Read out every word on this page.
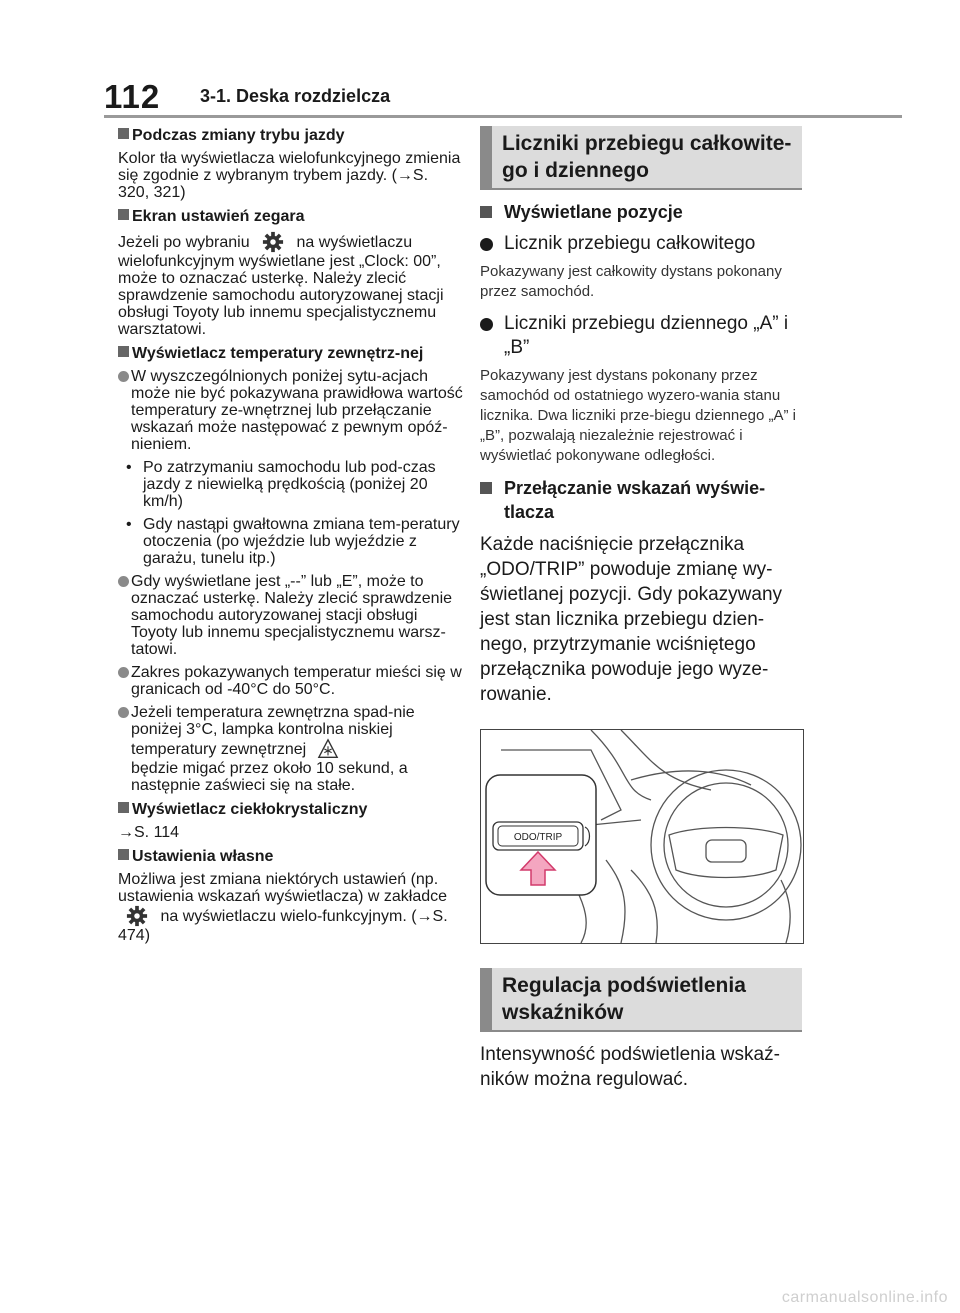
112 3-1. Deska rozdzielcza
Podczas zmiany trybu jazdy
Kolor tła wyświetlacza wielofunkcyjnego zmienia się zgodnie z wybranym trybem jazdy. (→S. 320, 321)
Ekran ustawień zegara
Jeżeli po wybraniu	na wyświetlaczu
wielofunkcyjnym wyświetlane jest „Clock: 00”, może to oznaczać usterkę. Należy zlecić sprawdzenie samochodu autoryzowanej stacji obsługi Toyoty lub innemu specjalistycznemu warsztatowi.
Wyświetlacz temperatury zewnętrz-nej
W wyszczególnionych poniżej sytu-acjach może nie być pokazywana prawidłowa wartość temperatury ze-wnętrznej lub przełączanie wskazań może następować z pewnym opóź-nieniem.
• Po zatrzymaniu samochodu lub pod-czas jazdy z niewielką prędkością (poniżej 20 km/h)
• Gdy nastąpi gwałtowna zmiana tem-peratury otoczenia (po wjeździe lub wyjeździe z garażu, tunelu itp.)
Gdy wyświetlane jest „--” lub „E”, może to oznaczać usterkę. Należy zlecić sprawdzenie samochodu autoryzowanej stacji obsługi Toyoty lub innemu specjalistycznemu warsz-tatowi.
Zakres pokazywanych temperatur mieści się w granicach od -40°C do 50°C.
Jeżeli temperatura zewnętrzna spad-nie poniżej 3°C, lampka kontrolna niskiej temperatury zewnętrznej
będzie migać przez około 10 sekund, a następnie zaświeci się na stałe.
Wyświetlacz ciekłokrystaliczny
→S. 114
Ustawienia własne
Możliwa jest zmiana niektórych ustawień (np. ustawienia wskazań wyświetlacza) w zakładce  na wyświetlaczu wielo-funkcyjnym. (→S. 474)
Liczniki przebiegu całkowite-go i dziennego
Wyświetlane pozycje
Licznik przebiegu całkowitego
Pokazywany jest całkowity dystans pokonany przez samochód.
Liczniki przebiegu dziennego „A” i „B”
Pokazywany jest dystans pokonany przez samochód od ostatniego wyzero-wania stanu licznika. Dwa liczniki prze-biegu dziennego „A” i „B”, pozwalają niezależnie rejestrować i wyświetlać pokonywane odległości.
Przełączanie wskazań wyświe-tlacza
Każde naciśnięcie przełącznika „ODO/TRIP” powoduje zmianę wy-świetlanej pozycji. Gdy pokazywany jest stan licznika przebiegu dzien-nego, przytrzymanie wciśniętego przełącznika powoduje jego wyze-rowanie.
ODO/TRIP
Regulacja podświetlenia wskaźników
Intensywność podświetlenia wskaź-ników można regulować.
carmanualsonline.info
